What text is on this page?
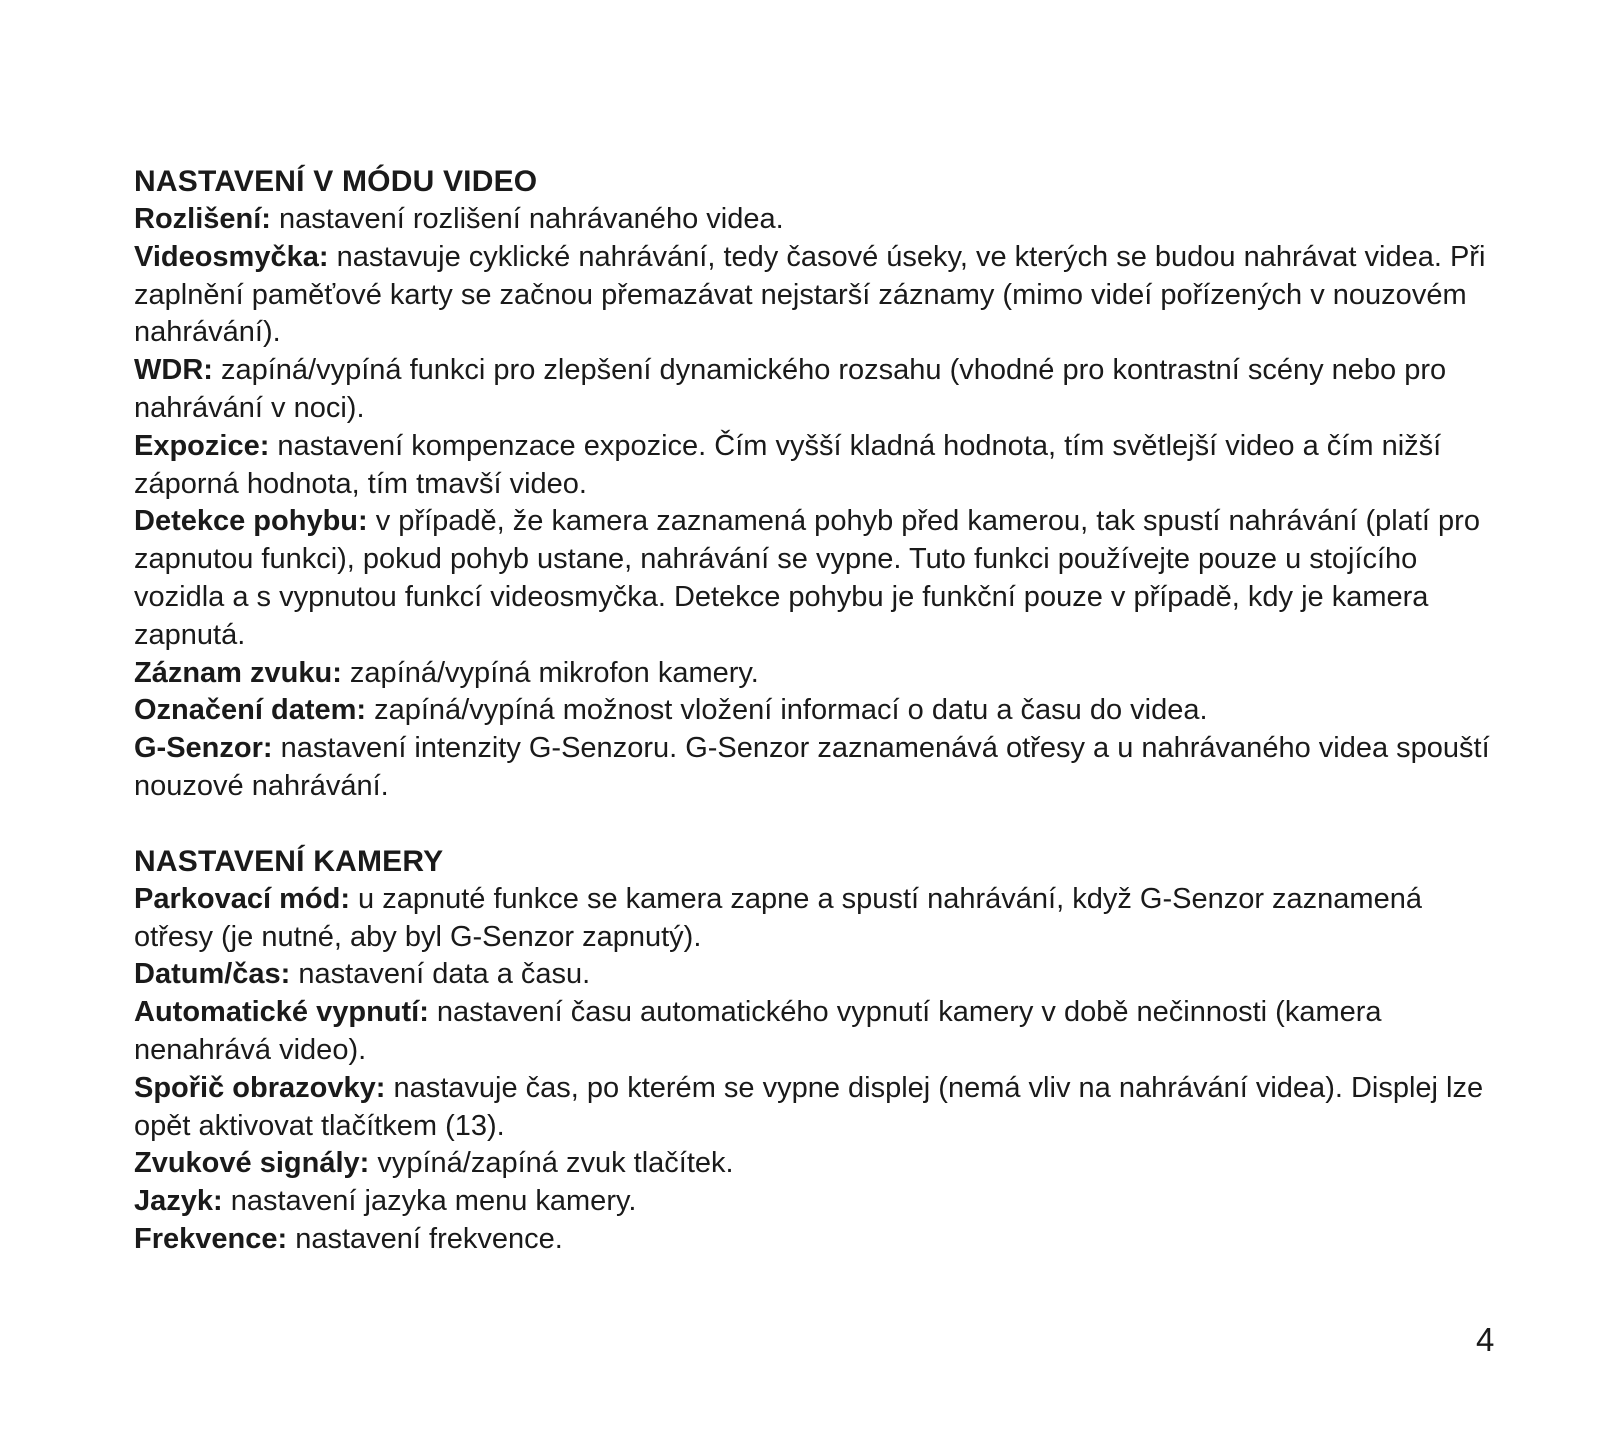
NASTAVENÍ V MÓDU VIDEO

Rozlišení: nastavení rozlišení nahrávaného videa.

Videosmyčka: nastavuje cyklické nahrávání, tedy časové úseky, ve kterých se budou nahrávat videa. Při zaplnění paměťové karty se začnou přemazávat nejstarší záznamy (mimo videí pořízených v nouzovém nahrávání).

WDR: zapíná/vypíná funkci pro zlepšení dynamického rozsahu (vhodné pro kontrastní scény nebo pro nahrávání v noci).

Expozice: nastavení kompenzace expozice. Čím vyšší kladná hodnota, tím světlejší video a čím nižší záporná hodnota, tím tmavší video.

Detekce pohybu: v případě, že kamera zaznamená pohyb před kamerou, tak spustí nahrávání (platí pro zapnutou funkci), pokud pohyb ustane, nahrávání se vypne. Tuto funkci používejte pouze u stojícího vozidla a s vypnutou funkcí videosmyčka. Detekce pohybu je funkční pouze v případě, kdy je kamera zapnutá.

Záznam zvuku: zapíná/vypíná mikrofon kamery.

Označení datem: zapíná/vypíná možnost vložení informací o datu a času do videa.

G-Senzor: nastavení intenzity G-Senzoru. G-Senzor zaznamenává otřesy a u nahrávaného videa spouští nouzové nahrávání.

NASTAVENÍ KAMERY

Parkovací mód: u zapnuté funkce se kamera zapne a spustí nahrávání, když G-Senzor zaznamená otřesy (je nutné, aby byl G-Senzor zapnutý).

Datum/čas: nastavení data a času.

Automatické vypnutí: nastavení času automatického vypnutí kamery v době nečinnosti (kamera nenahrává video).

Spořič obrazovky: nastavuje čas, po kterém se vypne displej (nemá vliv na nahrávání videa). Displej lze opět aktivovat tlačítkem (13).

Zvukové signály: vypíná/zapíná zvuk tlačítek.

Jazyk: nastavení jazyka menu kamery.

Frekvence: nastavení frekvence.

4
